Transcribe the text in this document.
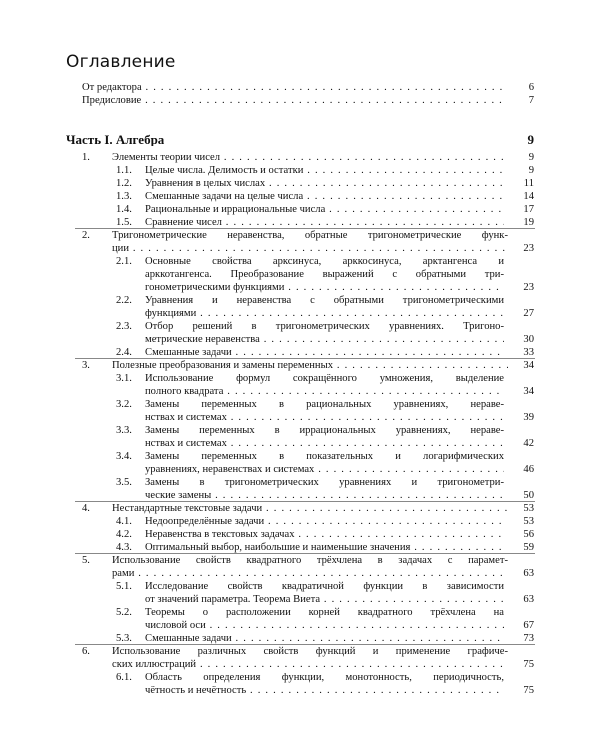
Оглавление
От редактора . . .	6
Предисловие . . .	7
Часть I. Алгебра	9
1. Элементы теории чисел . . .	9
1.1. Целые числа. Делимость и остатки . . .	9
1.2. Уравнения в целых числах . . .	11
1.3. Смешанные задачи на целые числа . . .	14
1.4. Рациональные и иррациональные числа . . .	17
1.5. Сравнение чисел . . .	19
2. Тригонометрические неравенства, обратные тригонометрические функ-
ции . . .	23
2.1. Основные свойства арксинуса, арккосинуса, арктангенса и
арккотангенса. Преобразование выражений с обратными три-
гонометрическими функциями . . .	23
2.2. Уравнения и неравенства с обратными тригонометрическими
функциями . . .	27
2.3. Отбор решений в тригонометрических уравнениях. Тригоно-
метрические неравенства . . .	30
2.4. Смешанные задачи . . .	33
3. Полезные преобразования и замены переменных . . .	34
3.1. Использование формул сокращённого умножения, выделение
полного квадрата . . .	34
3.2. Замены переменных в рациональных уравнениях, нераве-
нствах и системах . . .	39
3.3. Замены переменных в иррациональных уравнениях, нераве-
нствах и системах . . .	42
3.4. Замены переменных в показательных и логарифмических
уравнениях, неравенствах и системах . . .	46
3.5. Замены в тригонометрических уравнениях и тригонометри-
ческие замены . . .	50
4. Нестандартные текстовые задачи . . .	53
4.1. Недоопределённые задачи . . .	53
4.2. Неравенства в текстовых задачах . . .	56
4.3. Оптимальный выбор, наибольшие и наименьшие значения . . .	59
5. Использование свойств квадратного трёхчлена в задачах с парамет-
рами . . .	63
5.1. Исследование свойств квадратичной функции в зависимости
от значений параметра. Теорема Виета . . .	63
5.2. Теоремы о расположении корней квадратного трёхчлена на
числовой оси . . .	67
5.3. Смешанные задачи . . .	73
6. Использование различных свойств функций и применение графиче-
ских иллюстраций . . .	75
6.1. Область определения функции, монотонность, периодичность,
чётность и нечётность . . .	75
